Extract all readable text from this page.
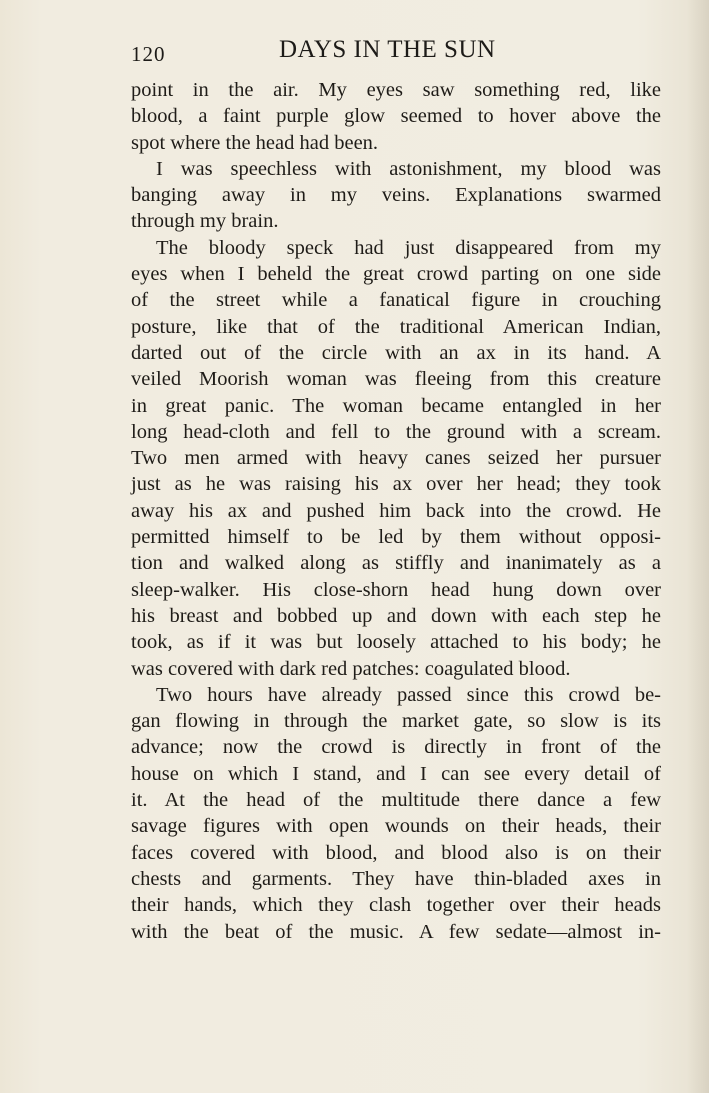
120	DAYS IN THE SUN
point in the air. My eyes saw something red, like
blood, a faint purple glow seemed to hover above the
spot where the head had been.
I was speechless with astonishment, my blood was
banging away in my veins. Explanations swarmed
through my brain.
The bloody speck had just disappeared from my
eyes when I beheld the great crowd parting on one side
of the street while a fanatical figure in crouching
posture, like that of the traditional American Indian,
darted out of the circle with an ax in its hand. A
veiled Moorish woman was fleeing from this creature
in great panic. The woman became entangled in her
long head-cloth and fell to the ground with a scream.
Two men armed with heavy canes seized her pursuer
just as he was raising his ax over her head; they took
away his ax and pushed him back into the crowd. He
permitted himself to be led by them without opposi-
tion and walked along as stiffly and inanimately as a
sleep-walker. His close-shorn head hung down over
his breast and bobbed up and down with each step he
took, as if it was but loosely attached to his body; he
was covered with dark red patches: coagulated blood.
Two hours have already passed since this crowd be-
gan flowing in through the market gate, so slow is its
advance; now the crowd is directly in front of the
house on which I stand, and I can see every detail of
it. At the head of the multitude there dance a few
savage figures with open wounds on their heads, their
faces covered with blood, and blood also is on their
chests and garments. They have thin-bladed axes in
their hands, which they clash together over their heads
with the beat of the music. A few sedate—almost in-
